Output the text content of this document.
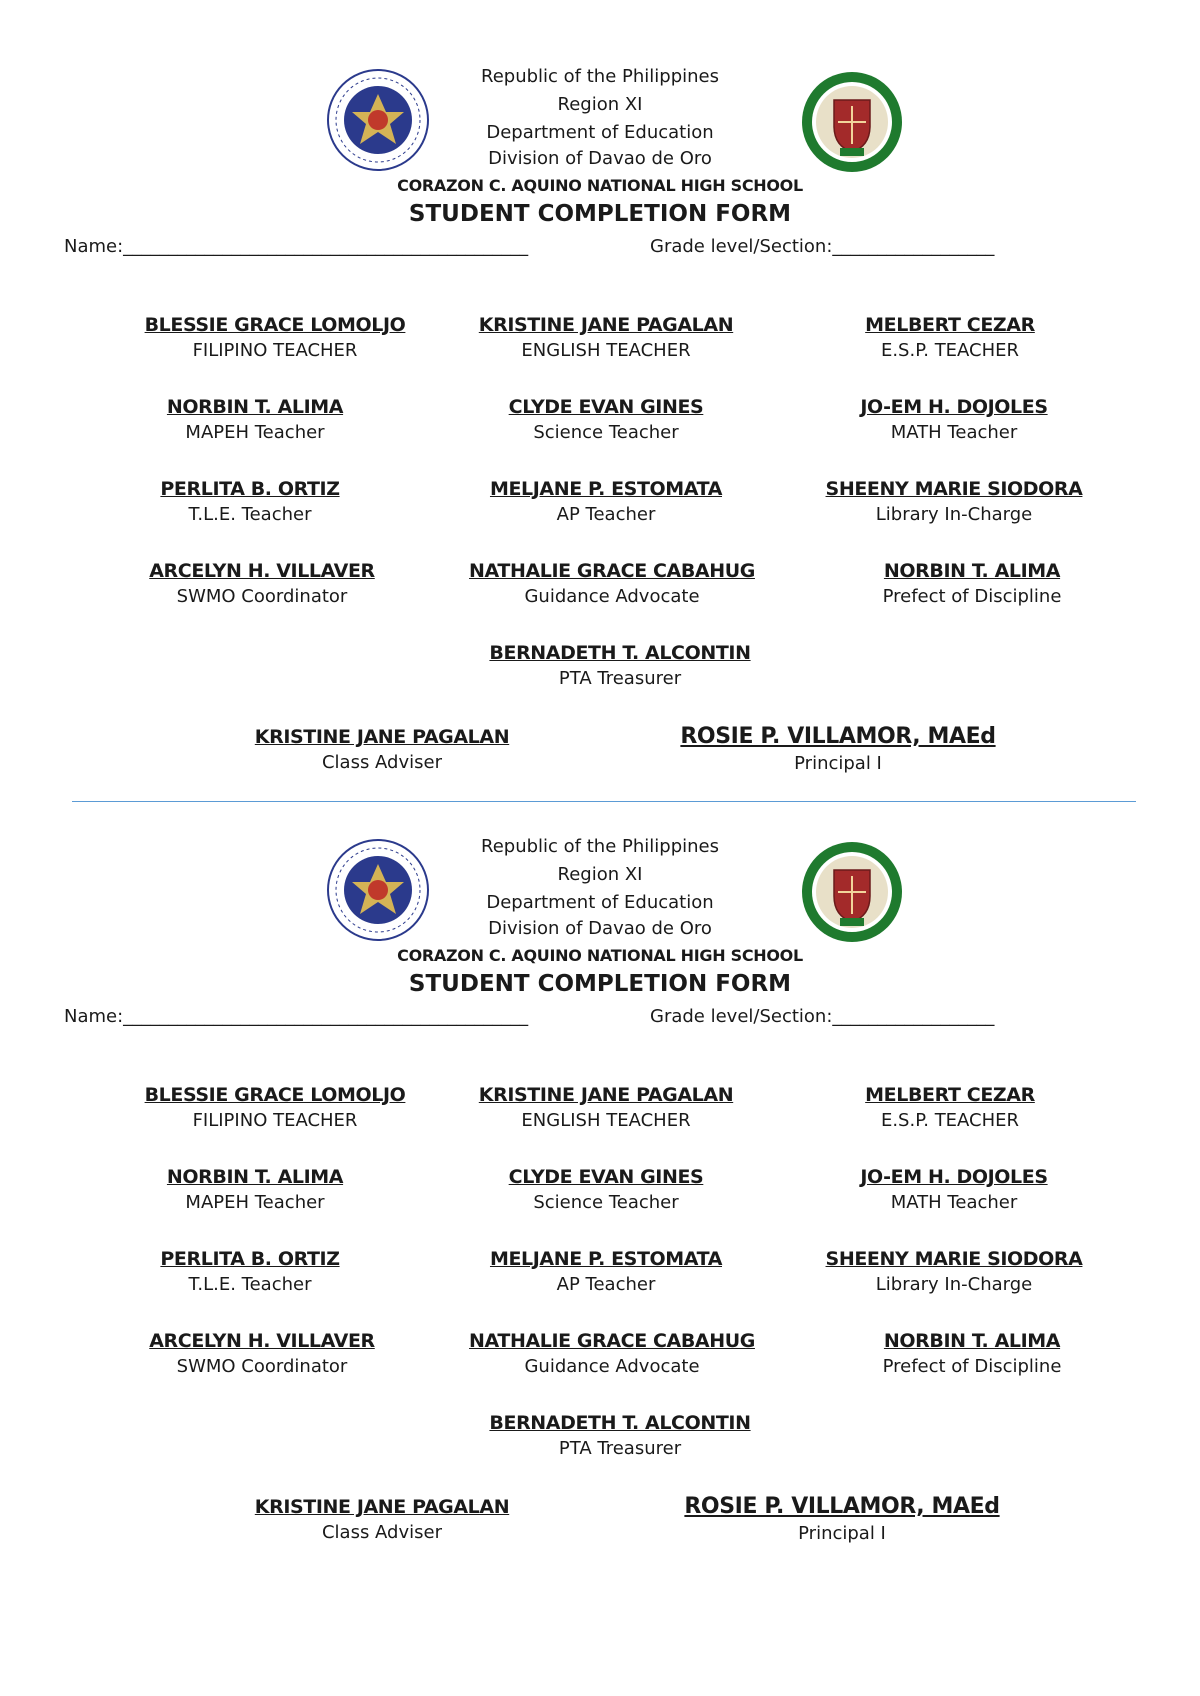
Republic of the Philippines
Region XI
Department of Education
Division of Davao de Oro
CORAZON C. AQUINO NATIONAL HIGH SCHOOL
STUDENT COMPLETION FORM
Name:_____________________________________________	Grade level/Section:__________________
BLESSIE GRACE LOMOLJO
FILIPINO TEACHER
KRISTINE JANE PAGALAN
ENGLISH TEACHER
MELBERT CEZAR
E.S.P. TEACHER
NORBIN T. ALIMA
MAPEH Teacher
CLYDE EVAN GINES
Science Teacher
JO-EM H. DOJOLES
MATH Teacher
PERLITA B. ORTIZ
T.L.E. Teacher
MELJANE P. ESTOMATA
AP Teacher
SHEENY MARIE SIODORA
Library In-Charge
ARCELYN H. VILLAVER
SWMO Coordinator
NATHALIE GRACE CABAHUG
Guidance Advocate
NORBIN T. ALIMA
Prefect of Discipline
BERNADETH T. ALCONTIN
PTA Treasurer
KRISTINE JANE PAGALAN
Class Adviser
ROSIE P. VILLAMOR, MAEd
Principal I
Republic of the Philippines
Region XI
Department of Education
Division of Davao de Oro
CORAZON C. AQUINO NATIONAL HIGH SCHOOL
STUDENT COMPLETION FORM
Name:_____________________________________________	Grade level/Section:__________________
BLESSIE GRACE LOMOLJO
FILIPINO TEACHER
KRISTINE JANE PAGALAN
ENGLISH TEACHER
MELBERT CEZAR
E.S.P. TEACHER
NORBIN T. ALIMA
MAPEH Teacher
CLYDE EVAN GINES
Science Teacher
JO-EM H. DOJOLES
MATH Teacher
PERLITA B. ORTIZ
T.L.E. Teacher
MELJANE P. ESTOMATA
AP Teacher
SHEENY MARIE SIODORA
Library In-Charge
ARCELYN H. VILLAVER
SWMO Coordinator
NATHALIE GRACE CABAHUG
Guidance Advocate
NORBIN T. ALIMA
Prefect of Discipline
BERNADETH T. ALCONTIN
PTA Treasurer
KRISTINE JANE PAGALAN
Class Adviser
ROSIE P. VILLAMOR, MAEd
Principal I
